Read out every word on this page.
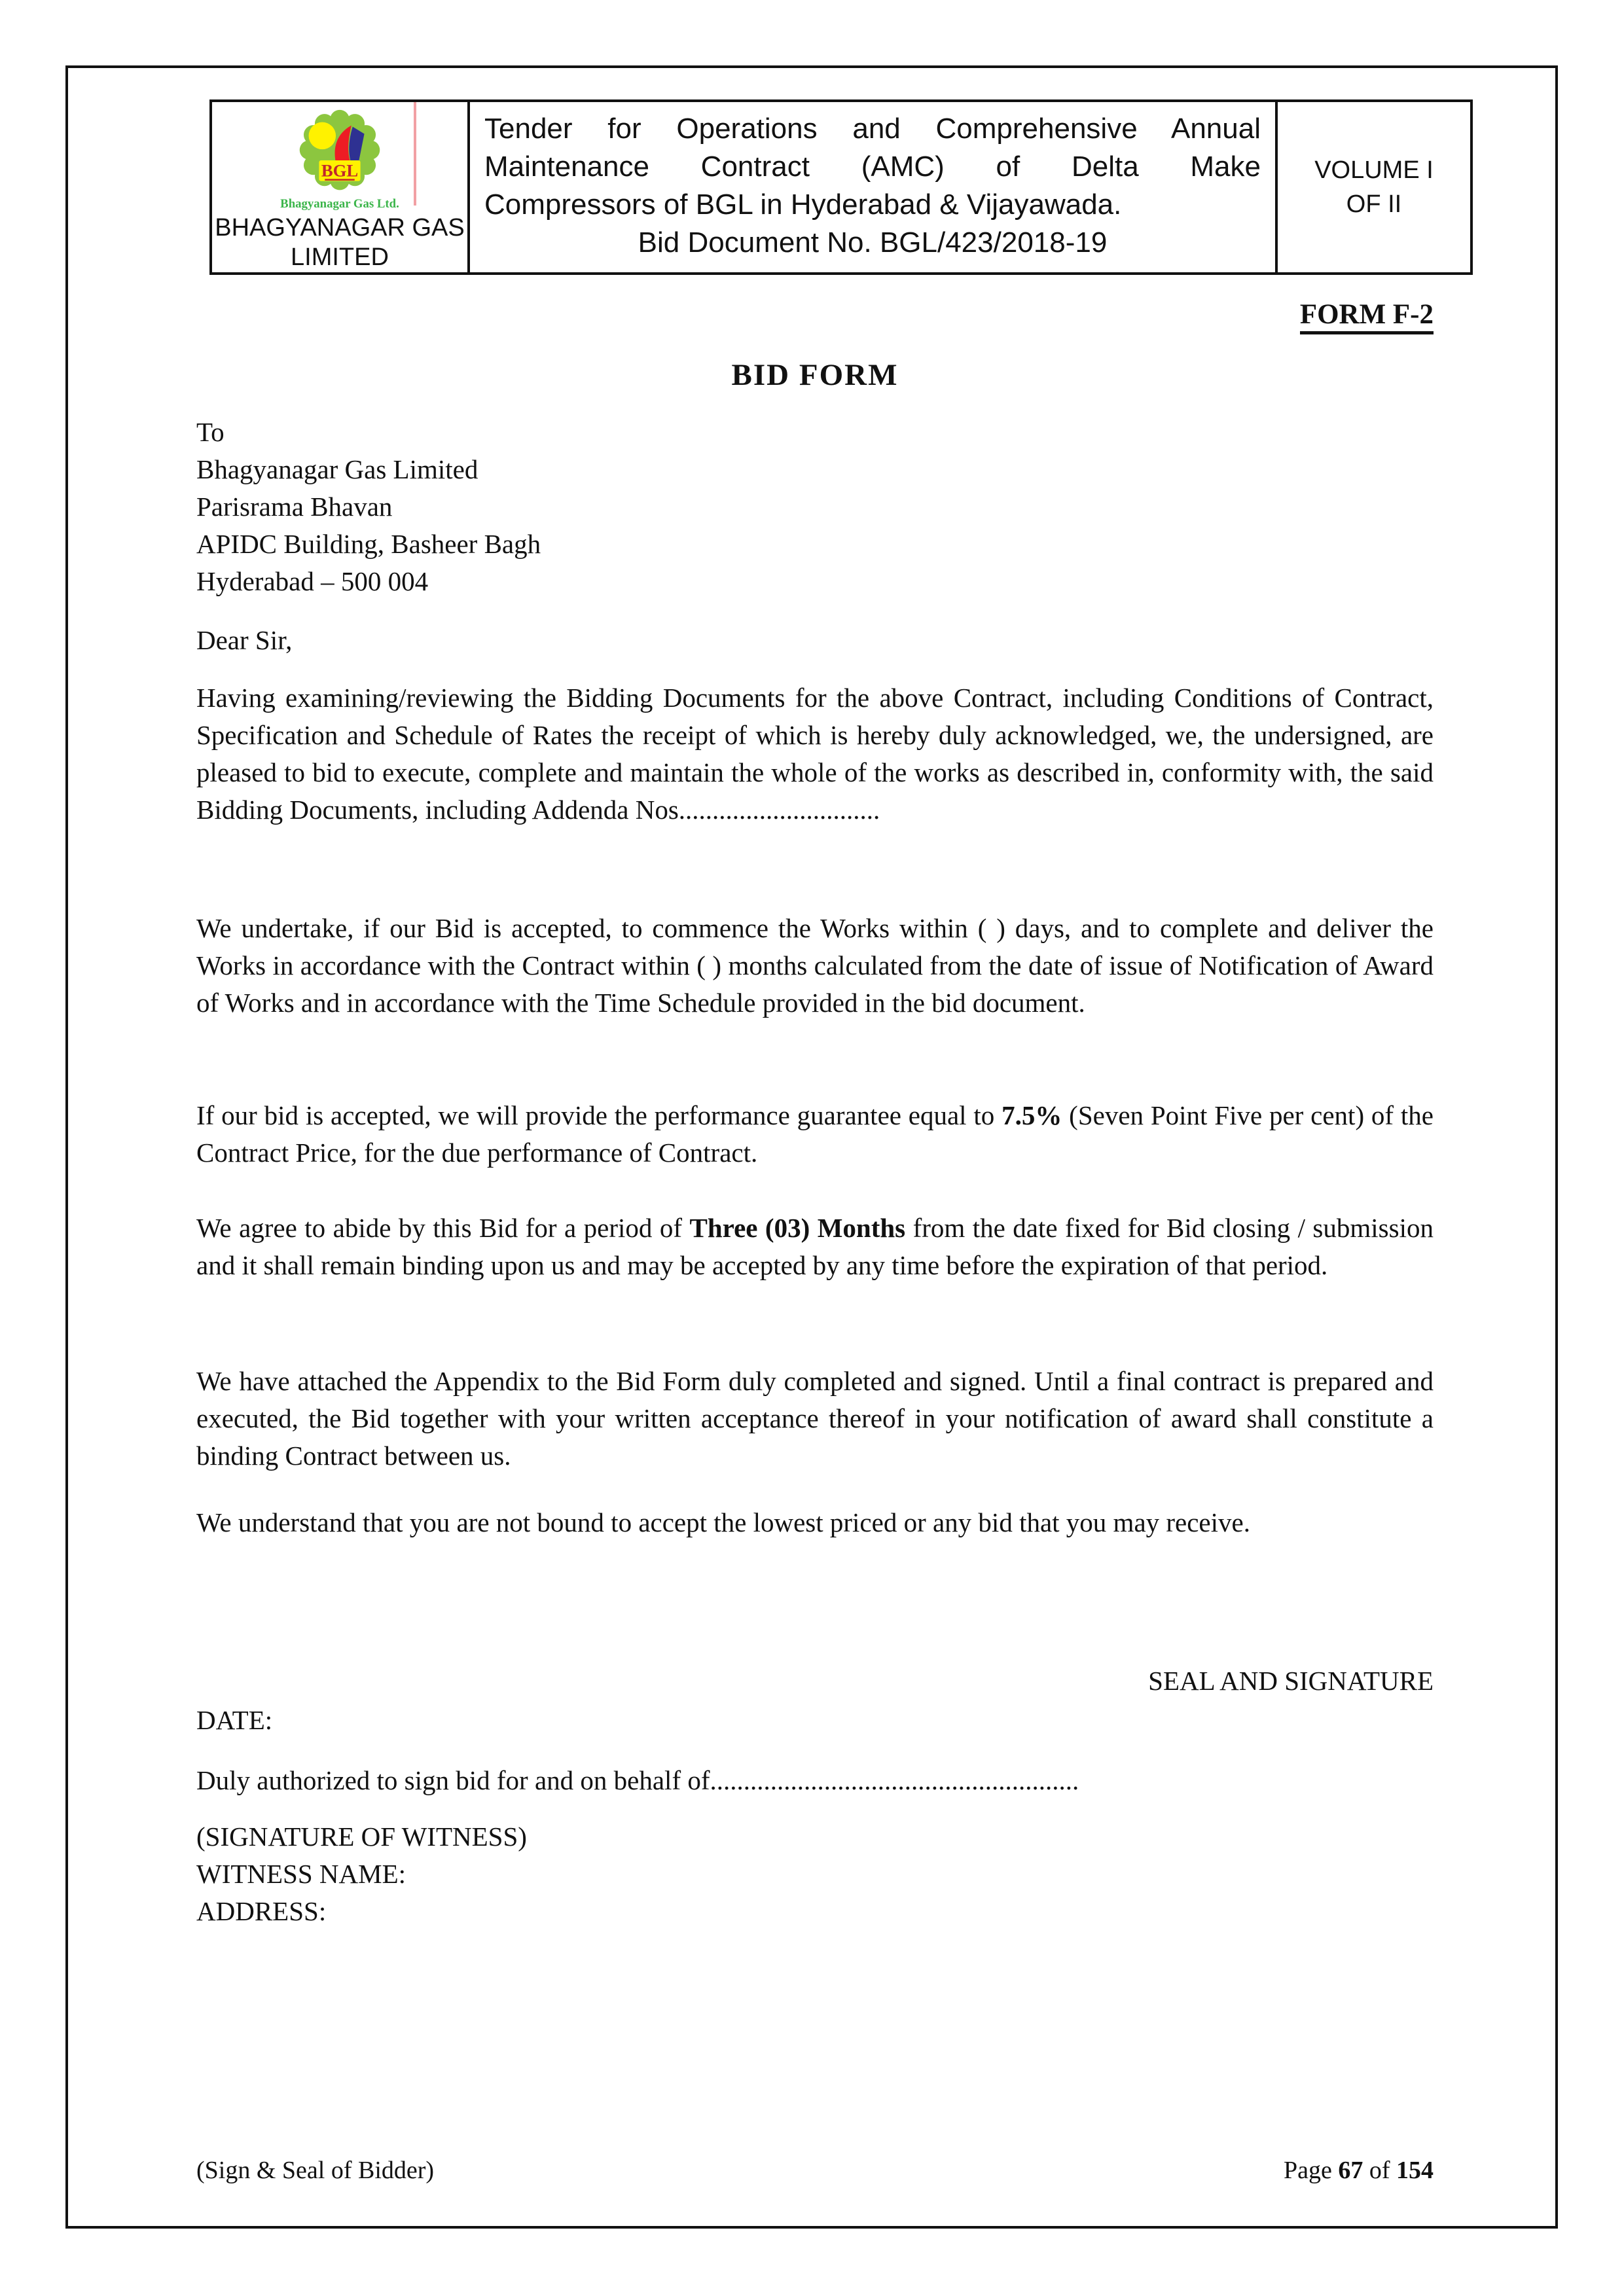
BGL
Bhagyanagar Gas Ltd.
BHAGYANAGAR GAS
LIMITED
Tender for Operations and Comprehensive Annual
Maintenance Contract (AMC) of Delta Make
Compressors of BGL in Hyderabad & Vijayawada.
Bid Document No. BGL/423/2018-19
VOLUME I
OF II
FORM F-2
BID FORM
To
Bhagyanagar Gas Limited
Parisrama Bhavan
APIDC Building, Basheer Bagh
Hyderabad – 500 004
Dear Sir,
Having examining/reviewing the Bidding Documents for the above Contract, including Conditions of Contract, Specification and Schedule of Rates the receipt of which is hereby duly acknowledged, we, the undersigned, are pleased to bid to execute, complete and maintain the whole of the works as described in, conformity with, the said Bidding Documents, including Addenda Nos..............................
We undertake, if our Bid is accepted, to commence the Works within ( ) days, and to complete and deliver the Works in accordance with the Contract within ( ) months calculated from the date of issue of Notification of Award of Works and in accordance with the Time Schedule provided in the bid document.
If our bid is accepted, we will provide the performance guarantee equal to 7.5% (Seven Point Five per cent) of the Contract Price, for the due performance of Contract.
We agree to abide by this Bid for a period of Three (03) Months from the date fixed for Bid closing / submission and it shall remain binding upon us and may be accepted by any time before the expiration of that period.
We have attached the Appendix to the Bid Form duly completed and signed. Until a final contract is prepared and executed, the Bid together with your written acceptance thereof in your notification of award shall constitute a binding Contract between us.
We understand that you are not bound to accept the lowest priced or any bid that you may receive.
SEAL AND SIGNATURE
DATE:
Duly authorized to sign bid for and on behalf of.......................................................
(SIGNATURE OF WITNESS)
WITNESS NAME:
ADDRESS:
(Sign & Seal of Bidder)	Page 67 of 154
